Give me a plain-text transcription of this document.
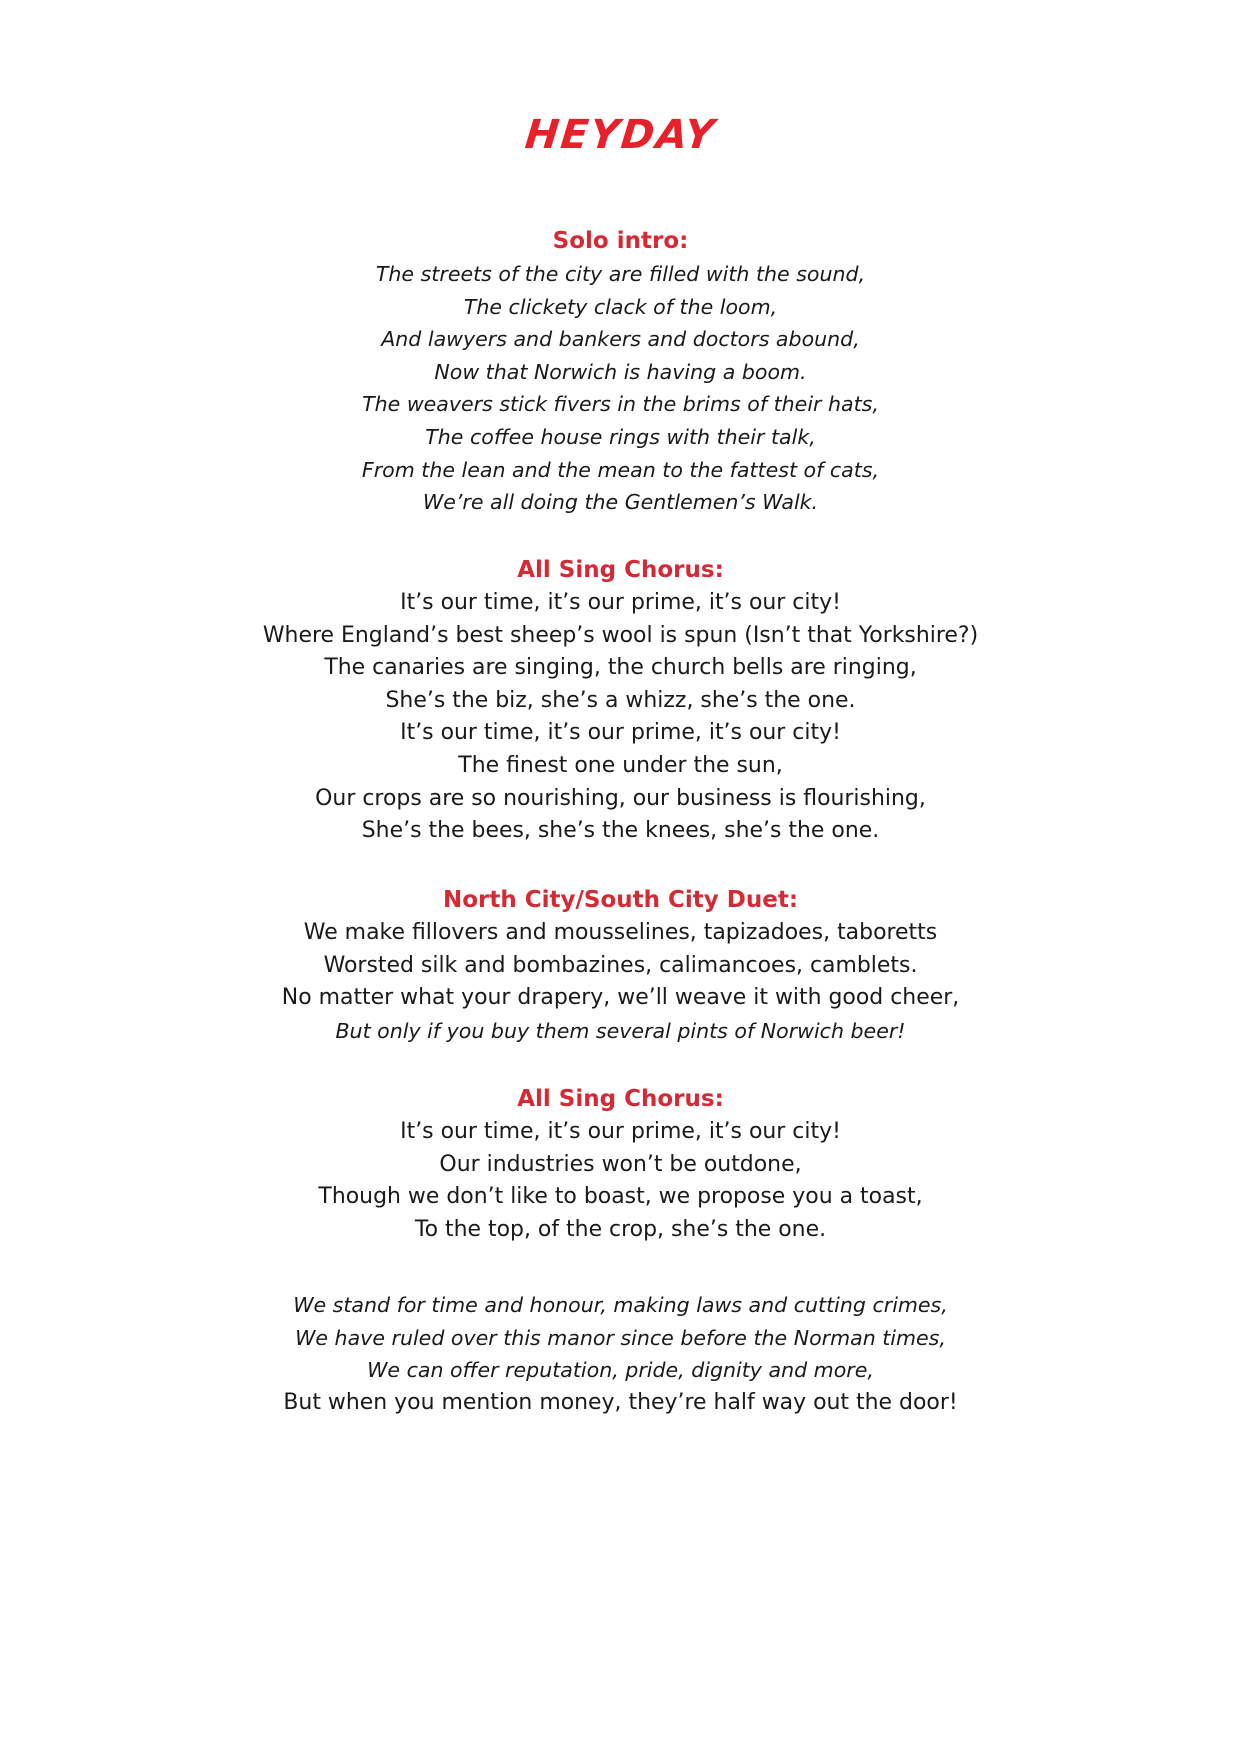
HEYDAY
Solo intro:
The streets of the city are filled with the sound,
The clickety clack of the loom,
And lawyers and bankers and doctors abound,
Now that Norwich is having a boom.
The weavers stick fivers in the brims of their hats,
The coffee house rings with their talk,
From the lean and the mean to the fattest of cats,
We’re all doing the Gentlemen’s Walk.
All Sing Chorus:
It’s our time, it’s our prime, it’s our city!
Where England’s best sheep’s wool is spun (Isn’t that Yorkshire?)
The canaries are singing, the church bells are ringing,
She’s the biz, she’s a whizz, she’s the one.
It’s our time, it’s our prime, it’s our city!
The finest one under the sun,
Our crops are so nourishing, our business is flourishing,
She’s the bees, she’s the knees, she’s the one.
North City/South City Duet:
We make fillovers and mousselines, tapizadoes, taboretts
Worsted silk and bombazines, calimancoes, camblets.
No matter what your drapery, we’ll weave it with good cheer,
But only if you buy them several pints of Norwich beer!
All Sing Chorus:
It’s our time, it’s our prime, it’s our city!
Our industries won’t be outdone,
Though we don’t like to boast, we propose you a toast,
To the top, of the crop, she’s the one.
We stand for time and honour, making laws and cutting crimes,
We have ruled over this manor since before the Norman times,
We can offer reputation, pride, dignity and more,
But when you mention money, they’re half way out the door!
